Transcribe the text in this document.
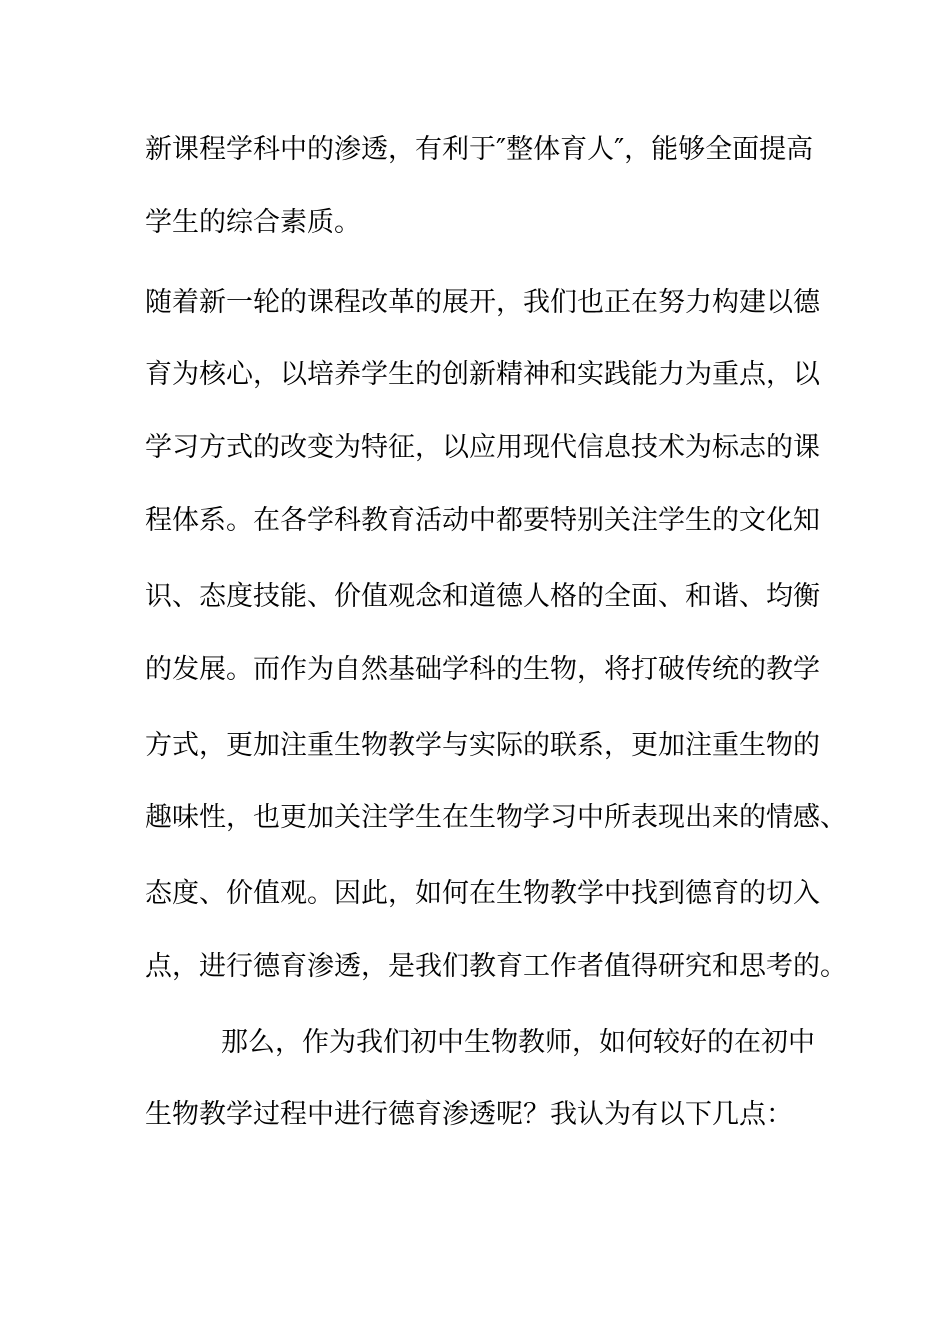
新课程学科中的渗透，有利于″整体育人″，能够全面提高

学生的综合素质。

随着新一轮的课程改革的展开，我们也正在努力构建以德

育为核心，以培养学生的创新精神和实践能力为重点，以

学习方式的改变为特征，以应用现代信息技术为标志的课

程体系。在各学科教育活动中都要特别关注学生的文化知

识、态度技能、价值观念和道德人格的全面、和谐、均衡

的发展。而作为自然基础学科的生物，将打破传统的教学

方式，更加注重生物教学与实际的联系，更加注重生物的

趣味性，也更加关注学生在生物学习中所表现出来的情感、

态度、价值观。因此，如何在生物教学中找到德育的切入

点，进行德育渗透，是我们教育工作者值得研究和思考的。

那么，作为我们初中生物教师，如何较好的在初中

生物教学过程中进行德育渗透呢？我认为有以下几点：
